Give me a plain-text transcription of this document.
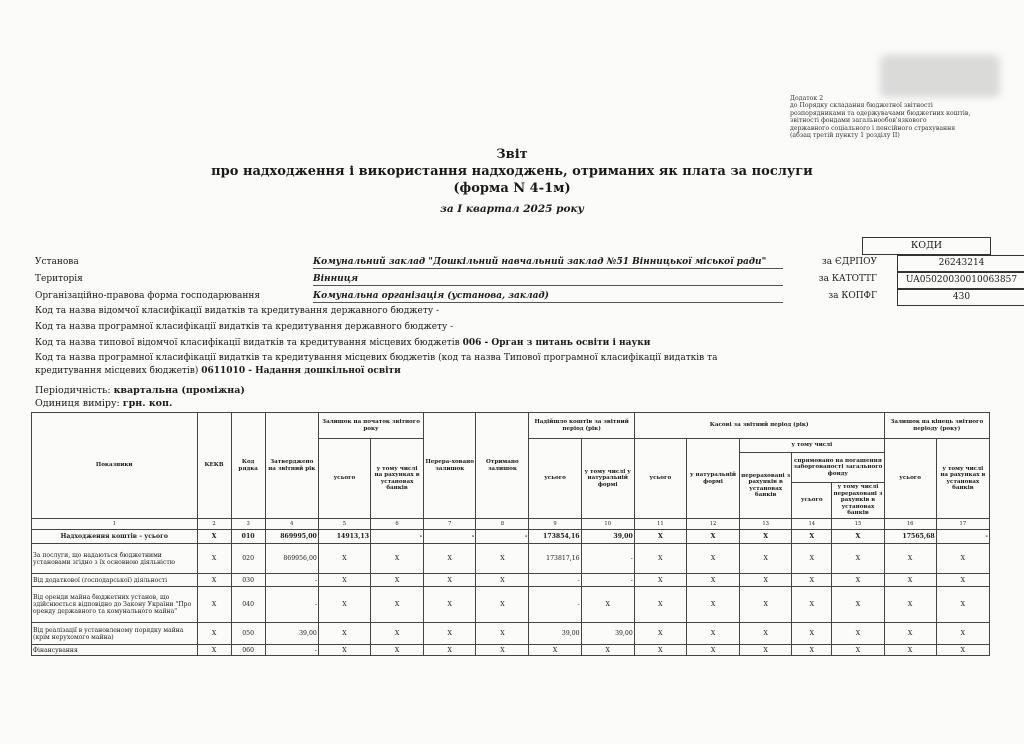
Додаток 2
до Порядку складання бюджетної звітності
розпорядниками та одержувачами бюджетних коштів,
звітності фондами загальнообов'язкового
державного соціального і пенсійного страхування
(абзац третій пункту 1 розділу II)
Звіт
про надходження і використання надходжень, отриманих як плата за послуги
(форма N 4-1м)
за I квартал 2025 року
КОДИ
Установа	Комунальний заклад "Дошкільний навчальний заклад №51 Вінницької міської ради"	за ЄДРПОУ	26243214
Територія	Вінниця	за КАТОТТГ	UA05020030010063857
Організаційно-правова форма господарювання	Комунальна організація (установа, заклад)	за КОПФГ	430
Код та назва відомчої класифікації видатків та кредитування державного бюджету -
Код та назва програмної класифікації видатків та кредитування державного бюджету -
Код та назва типової відомчої класифікації видатків та кредитування місцевих бюджетів 006 - Орган з питань освіти і науки
Код та назва програмної класифікації видатків та кредитування місцевих бюджетів (код та назва Типової програмної класифікації видатків та
кредитування місцевих бюджетів) 0611010 - Надання дошкільної освіти
Періодичність: квартальна (проміжна)
Одиниця виміру: грн. коп.
Показники	КЕКВ	Код рядка	Затверджено на звітний рік	Залишок на початок звітного року		Перера-ховано залишок	Отримано залишок	Надійшло коштів за звітний період (рік)		Касові за звітний період (рік)					Залишок на кінець звітного періоду (року)	
				усього	у тому числі на рахунках в установах банків			усього	у тому числі у натуральній формі	усього	у натуральній формі	у тому числі			усього	у тому числі на рахунках в установах банків
												перераховані з рахунків в установах банків	спрямовано на погашення заборгованості загального фонду			
													усього	у тому числі перераховані з рахунків в установах банків		
1	2	3	4	5	6	7	8	9	10	11	12	13	14	15	16	17
Надходження коштів – усього	X	010	869995,00	14913,13	-	-	-	173854,16	39,00	X	X	X	X	X	17565,68	-
За послуги, що надаються бюджетними установами згідно з їх основною діяльністю	X	020	869956,00	X	X	X	X	173817,16	-	X	X	X	X	X	X	X
Від додаткової (господарської) діяльності	X	030	-	X	X	X	X	-	-	X	X	X	X	X	X	X
Від оренди майна бюджетних установ, що здійснюється відповідно до Закону України "Про оренду державного та комунального майна"	X	040	-	X	X	X	X	-	X	X	X	X	X	X	X	X
Від реалізації в установленому порядку майна (крім нерухомого майна)	X	050	39,00	X	X	X	X	39,00	39,00	X	X	X	X	X	X	X
Фінансування	X	060	-	X	X	X	X	X	X	X	X	X	X	X	X	X
